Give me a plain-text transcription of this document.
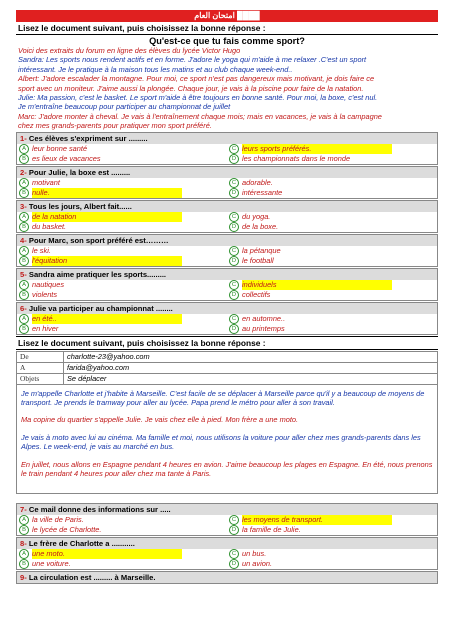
امتحان العام ████
Lisez le document suivant, puis choisissez la bonne réponse :
Qu'est-ce que tu fais comme sport?
Voici des extraits du forum en ligne des élèves du lycée Victor Hugo
Sandra: Les sports nous rendent actifs et en forme. J'adore le yoga qui m'aide à me relaxer .C'est un sport
intéressant. Je le pratique à la maison tous les matins et au club chaque week-end..
Albert: J'adore escalader la montagne. Pour moi, ce sport n'est pas dangereux mais motivant, je dois faire ce
sport avec un moniteur. J'aime aussi la plongée. Chaque jour, je vais à la piscine pour faire de la natation.
Julie: Ma passion, c'est le basket. Le sport m'aide à être toujours en bonne santé. Pour moi, la boxe, c'est nul.
Je m'entraîne beaucoup pour participer au championnat de juillet
Marc: J'adore monter à cheval. Je vais à l'entraînement chaque mois; mais en vacances, je vais à la campagne
chez mes grands-parents pour pratiquer mon sport préféré.
1- Ces élèves s'expriment sur .........
A leur bonne santé	C leurs sports préférés.
B es lieux de vacances	D les championnats dans le monde
2- Pour Julie, la boxe est .........
A motivant	C adorable.
B nulle.	D intéressante
3- Tous les jours, Albert fait......
A de la natation	C du yoga.
B du basket.	D de la boxe.
4- Pour Marc, son sport préféré est………
A le ski.	C la pétanque
B l'équitation	D le football
5- Sandra aime pratiquer les sports.........
A nautiques	C individuels
B violents	D collectifs
6- Julie va participer au championnat ........
A en été..	C en automne..
B en hiver	D au printemps
Lisez le document suivant, puis choisissez la bonne réponse :
De	charlotte-23@yahoo.com
A	farida@yahoo.com
Objets	Se déplacer
Je m'appelle Charlotte et j'habite à Marseille. C'est facile de se déplacer à Marseille parce qu'il y a beaucoup de moyens de transport. Je prends le tramway pour aller au lycée. Papa prend le métro pour aller à son travail.
Ma copine du quartier s'appelle Julie. Je vais chez elle à pied. Mon frère a une moto.
Je vais à moto avec lui au cinéma. Ma famille et moi, nous utilisons la voiture pour aller chez mes grands-parents dans les Alpes. Le week-end, je vais au marché en bus.
En juillet, nous allons en Espagne pendant 4 heures en avion. J'aime beaucoup les plages en Espagne. En été, nous prenons le train pendant 4 heures pour aller chez ma tante à Paris.
7- Ce mail donne des informations sur .....
A la ville de Paris.	C les moyens de transport.
B le lycée de Charlotte.	D la famille de Julie.
8- Le frère de Charlotte a ...........
A une moto.	C un bus.
B une voiture.	D un avion.
9- La circulation est ......... à Marseille.
